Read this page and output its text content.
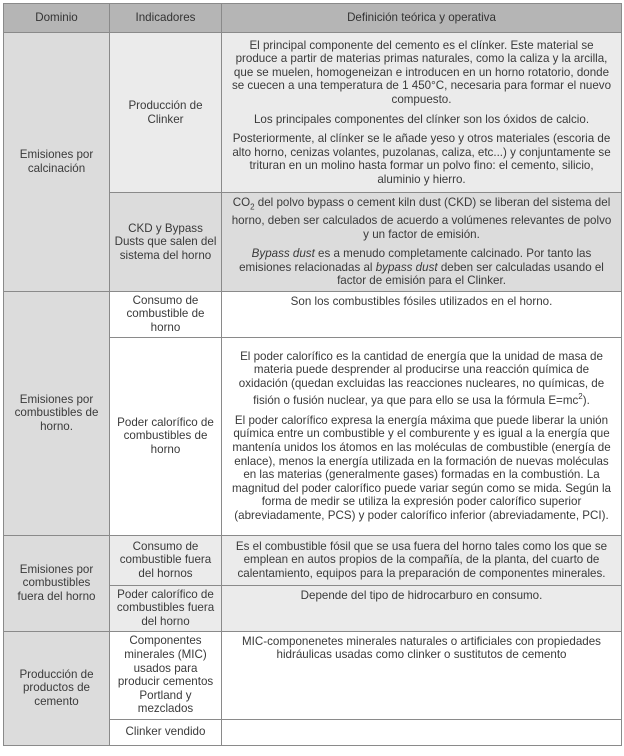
Dominio	Indicadores	Definición teórica y operativa
Emisiones por calcinación	Producción de Clinker	El principal componente del cemento es el clínker. Este material se produce a partir de materias primas naturales, como la caliza y la arcilla, que se muelen, homogeneizan e introducen en un horno rotatorio, donde se cuecen a una temperatura de 1 450°C, necesaria para formar el nuevo compuesto.

Los principales componentes del clínker son los óxidos de calcio.

Posteriormente, al clínker se le añade yeso y otros materiales (escoria de alto horno, cenizas volantes, puzolanas, caliza, etc...) y conjuntamente se trituran en un molino hasta formar un polvo fino: el cemento, silicio, aluminio y hierro.

	CKD y Bypass Dusts que salen del sistema del horno	$CO_2$ del polvo bypass o cement kiln dust (CKD) se liberan del sistema del horno, deben ser calculados de acuerdo a volúmenes relevantes de polvo y un factor de emisión.

Bypass dust es a menudo completamente calcinado. Por tanto las emisiones relacionadas al bypass dust deben ser calculadas usando el factor de emisión para el Clinker.

Emisiones por combustibles de horno.	Consumo de combustible de horno	Son los combustibles fósiles utilizados en el horno.
	Poder calorífico de combustibles de horno	El poder calorífico es la cantidad de energía que la unidad de masa de materia puede desprender al producirse una reacción química de oxidación (quedan excluidas las reacciones nucleares, no químicas, de fisión o fusión nuclear, ya que para ello se usa la fórmula $E=mc^2$).

El poder calorífico expresa la energía máxima que puede liberar la unión química entre un combustible y el comburente y es igual a la energía que mantenía unidos los átomos en las moléculas de combustible (energía de enlace), menos la energía utilizada en la formación de nuevas moléculas en las materias (generalmente gases) formadas en la combustión. La magnitud del poder calorífico puede variar según como se mida. Según la forma de medir se utiliza la expresión poder calorífico superior (abreviadamente, PCS) y poder calorífico inferior (abreviadamente, PCI).

Emisiones por combustibles fuera del horno	Consumo de combustible fuera del hornos	Es el combustible fósil que se usa fuera del horno tales como los que se emplean en autos propios de la compañía, de la planta, del cuarto de calentamiento, equipos para la preparación de componentes minerales.
	Poder calorífico de combustibles fuera del horno	Depende del tipo de hidrocarburo en consumo.
Producción de productos de cemento	Componentes minerales (MIC) usados para producir cementos Portland y mezclados	MIC-componenetes minerales naturales o artificiales con propiedades hidráulicas usadas como clinker o sustitutos de cemento
	Clinker vendido	
